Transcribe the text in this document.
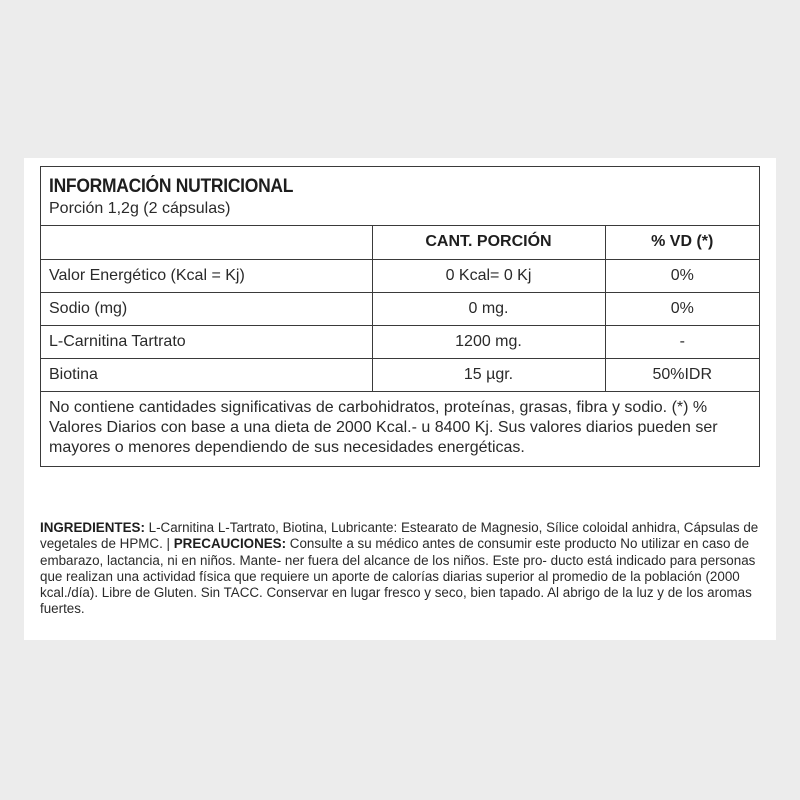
INFORMACIÓN NUTRICIONAL
Porción 1,2g (2 cápsulas)
	CANT. PORCIÓN	% VD (*)
Valor Energético (Kcal = Kj)	0 Kcal= 0 Kj	0%
Sodio (mg)	0 mg.	0%
L-Carnitina Tartrato	1200 mg.	-
Biotina	15 µgr.	50%IDR
No contiene cantidades significativas de carbohidratos, proteínas, grasas, fibra y sodio. (*) % Valores Diarios con base a una dieta de 2000 Kcal.- u 8400 Kj. Sus valores diarios pueden ser mayores o menores dependiendo de sus necesidades energéticas.
INGREDIENTES: L-Carnitina L-Tartrato, Biotina, Lubricante: Estearato de Magnesio, Sílice coloidal anhidra, Cápsulas de vegetales de HPMC. | PRECAUCIONES: Consulte a su médico antes de consumir este producto No utilizar en caso de embarazo, lactancia, ni en niños. Mante- ner fuera del alcance de los niños. Este pro- ducto está indicado para personas que realizan una actividad física que requiere un aporte de calorías diarias superior al promedio de la población (2000 kcal./día). Libre de Gluten. Sin TACC. Conservar en lugar fresco y seco, bien tapado. Al abrigo de la luz y de los aromas fuertes.
